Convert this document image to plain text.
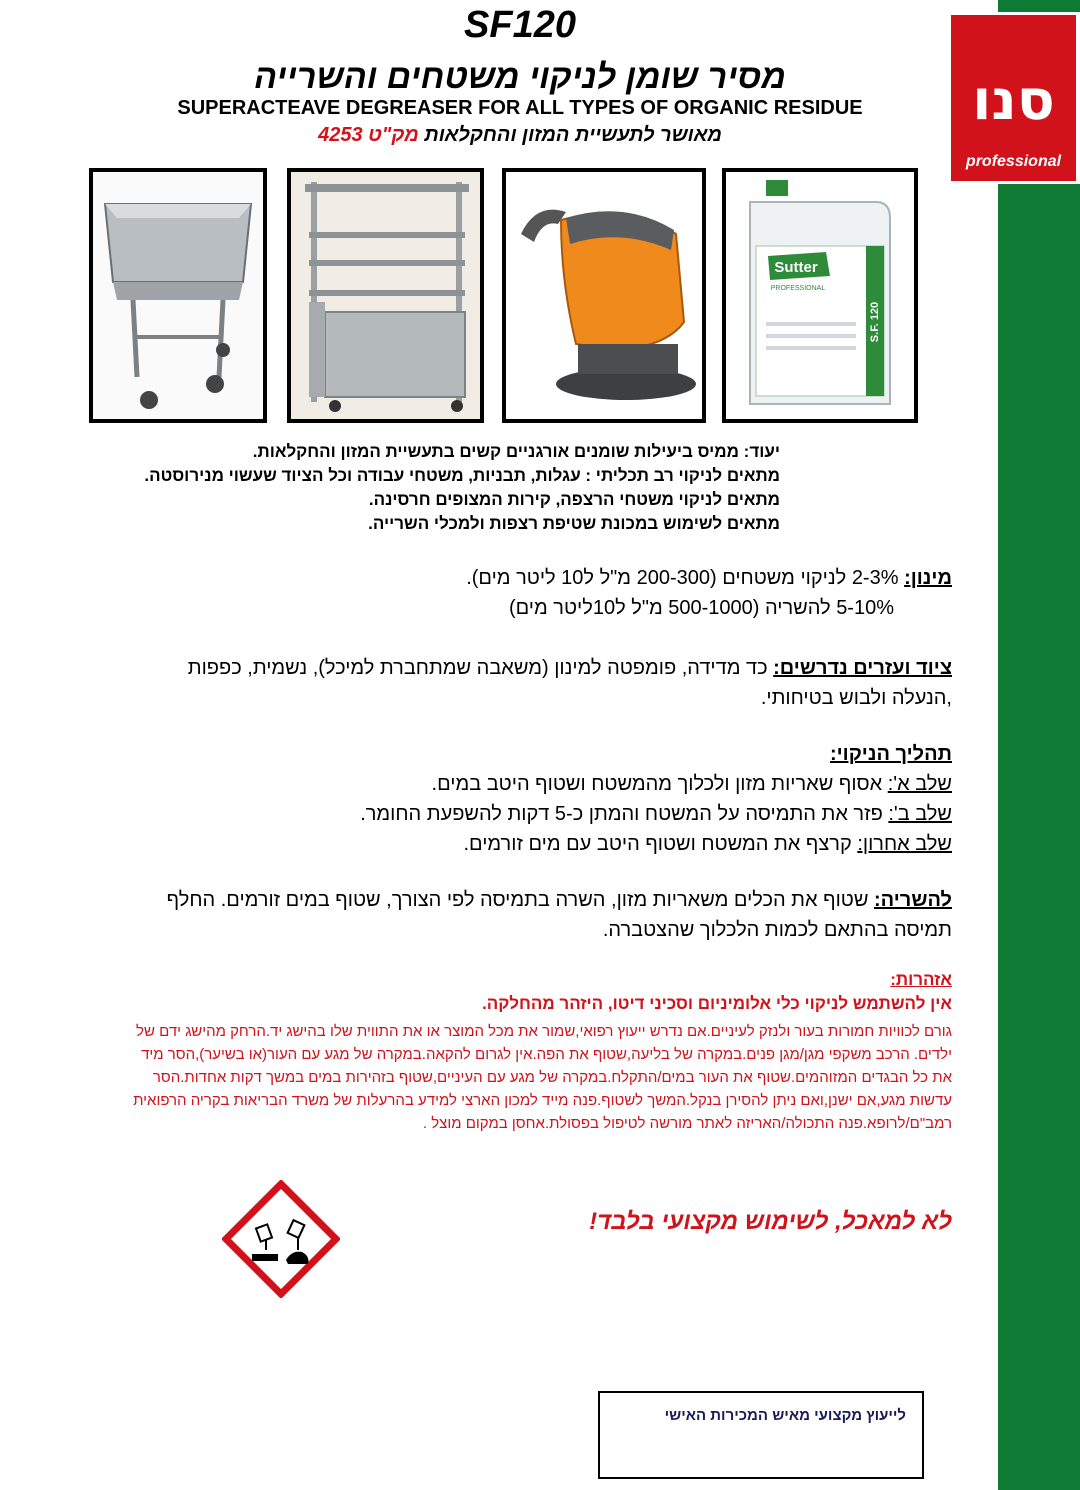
סנו
professional
SF120
מסיר שומן לניקוי משטחים והשרייה
SUPERACTEAVE DEGREASER FOR ALL TYPES OF ORGANIC RESIDUE
מאושר לתעשיית המזון והחקלאות מק"ט 4253
Sutter
PROFESSIONAL
S.F. 120
יעוד: ממיס ביעילות שומנים אורגניים קשים בתעשיית המזון והחקלאות.
מתאים לניקוי רב תכליתי : עגלות, תבניות, משטחי עבודה וכל הציוד שעשוי מנירוסטה.
מתאים לניקוי משטחי הרצפה, קירות המצופים חרסינה.
מתאים לשימוש במכונת שטיפת רצפות ולמכלי השרייה.
מינון: 2-3% לניקוי משטחים (200-300 מ"ל ל10 ליטר מים).
5-10% להשריה (500-1000 מ"ל ל10ליטר מים)
ציוד ועזרים נדרשים: כד מדידה, פומפטה למינון (משאבה שמתחברת למיכל), נשמית, כפפות ,הנעלה ולבוש בטיחותי.
תהליך הניקוי:
שלב א': אסוף שאריות מזון ולכלוך מהמשטח ושטוף היטב במים.
שלב ב': פזר את התמיסה על המשטח והמתן כ-5 דקות להשפעת החומר.
שלב אחרון: קרצף את המשטח ושטוף היטב עם מים זורמים.
להשריה: שטוף את הכלים משאריות מזון, השרה בתמיסה לפי הצורך, שטוף במים זורמים. החלף תמיסה בהתאם לכמות הלכלוך שהצטברה.
אזהרות:
אין להשתמש לניקוי כלי אלומיניום וסכיני דיטו, היזהר מהחלקה.
גורם לכוויות חמורות בעור ולנזק לעיניים.אם נדרש ייעוץ רפואי,שמור את מכל המוצר או את התווית שלו בהישג יד.הרחק מהישג ידם של ילדים. הרכב משקפי מגן/מגן פנים.במקרה של בליעה,שטוף את הפה.אין לגרום להקאה.במקרה של מגע עם העור(או בשיער),הסר מיד את כל הבגדים המזוהמים.שטוף את העור במים/התקלח.במקרה של מגע עם העיניים,שטוף בזהירות במים במשך דקות אחדות.הסר עדשות מגע,אם ישנן,ואם ניתן להסירן בנקל.המשך לשטוף.פנה מייד למכון הארצי למידע בהרעלות של משרד הבריאות בקריה הרפואית רמב"ם/לרופא.פנה התכולה/האריזה לאתר מורשה לטיפול בפסולת.אחסן במקום מוצל .
לא למאכל, לשימוש מקצועי בלבד!
לייעוץ מקצועי מאיש המכירות האישי
